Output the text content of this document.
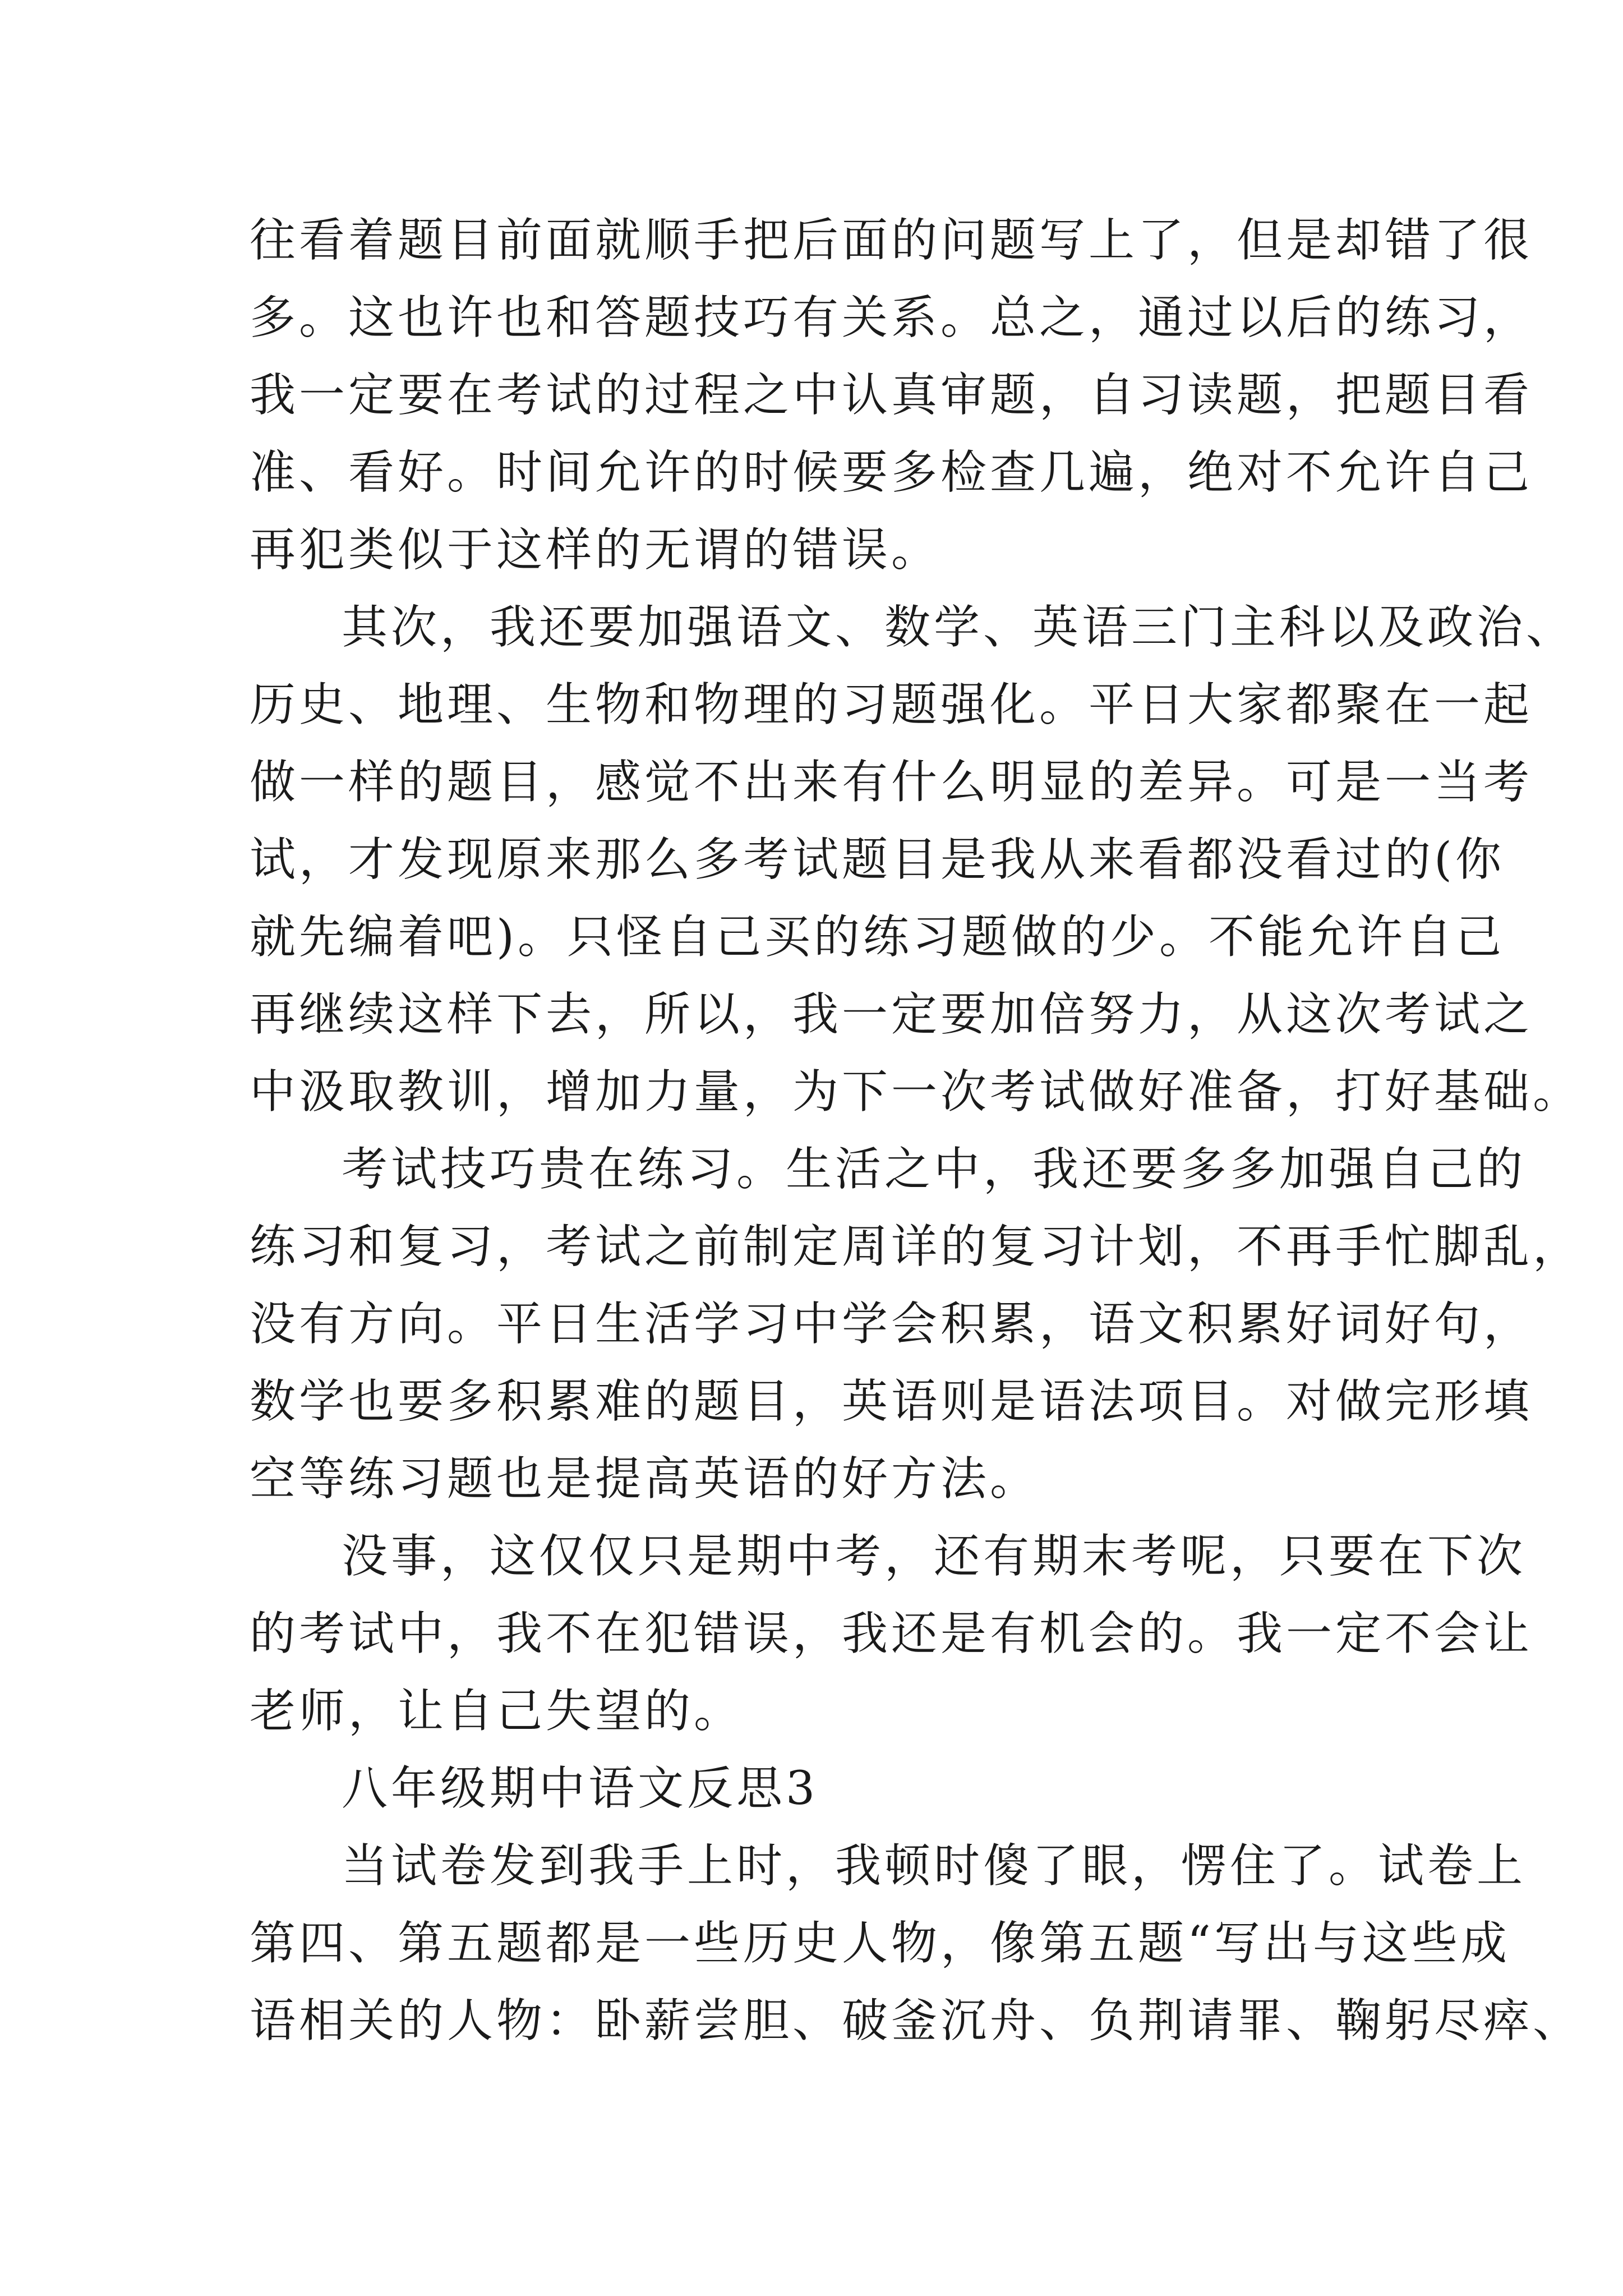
往看着题目前面就顺手把后面的问题写上了，但是却错了很
多。这也许也和答题技巧有关系。总之，通过以后的练习，
我一定要在考试的过程之中认真审题，自习读题，把题目看
准、看好。时间允许的时候要多检查几遍，绝对不允许自己
再犯类似于这样的无谓的错误。
其次，我还要加强语文、数学、英语三门主科以及政治、
历史、地理、生物和物理的习题强化。平日大家都聚在一起
做一样的题目，感觉不出来有什么明显的差异。可是一当考
试，才发现原来那么多考试题目是我从来看都没看过的(你
就先编着吧)。只怪自己买的练习题做的少。不能允许自己
再继续这样下去，所以，我一定要加倍努力，从这次考试之
中汲取教训，增加力量，为下一次考试做好准备，打好基础。
考试技巧贵在练习。生活之中，我还要多多加强自己的
练习和复习，考试之前制定周详的复习计划，不再手忙脚乱，
没有方向。平日生活学习中学会积累，语文积累好词好句，
数学也要多积累难的题目，英语则是语法项目。对做完形填
空等练习题也是提高英语的好方法。
没事，这仅仅只是期中考，还有期末考呢，只要在下次
的考试中，我不在犯错误，我还是有机会的。我一定不会让
老师，让自己失望的。
八年级期中语文反思3
当试卷发到我手上时，我顿时傻了眼，愣住了。试卷上
第四、第五题都是一些历史人物，像第五题“写出与这些成
语相关的人物：卧薪尝胆、破釜沉舟、负荆请罪、鞠躬尽瘁、
